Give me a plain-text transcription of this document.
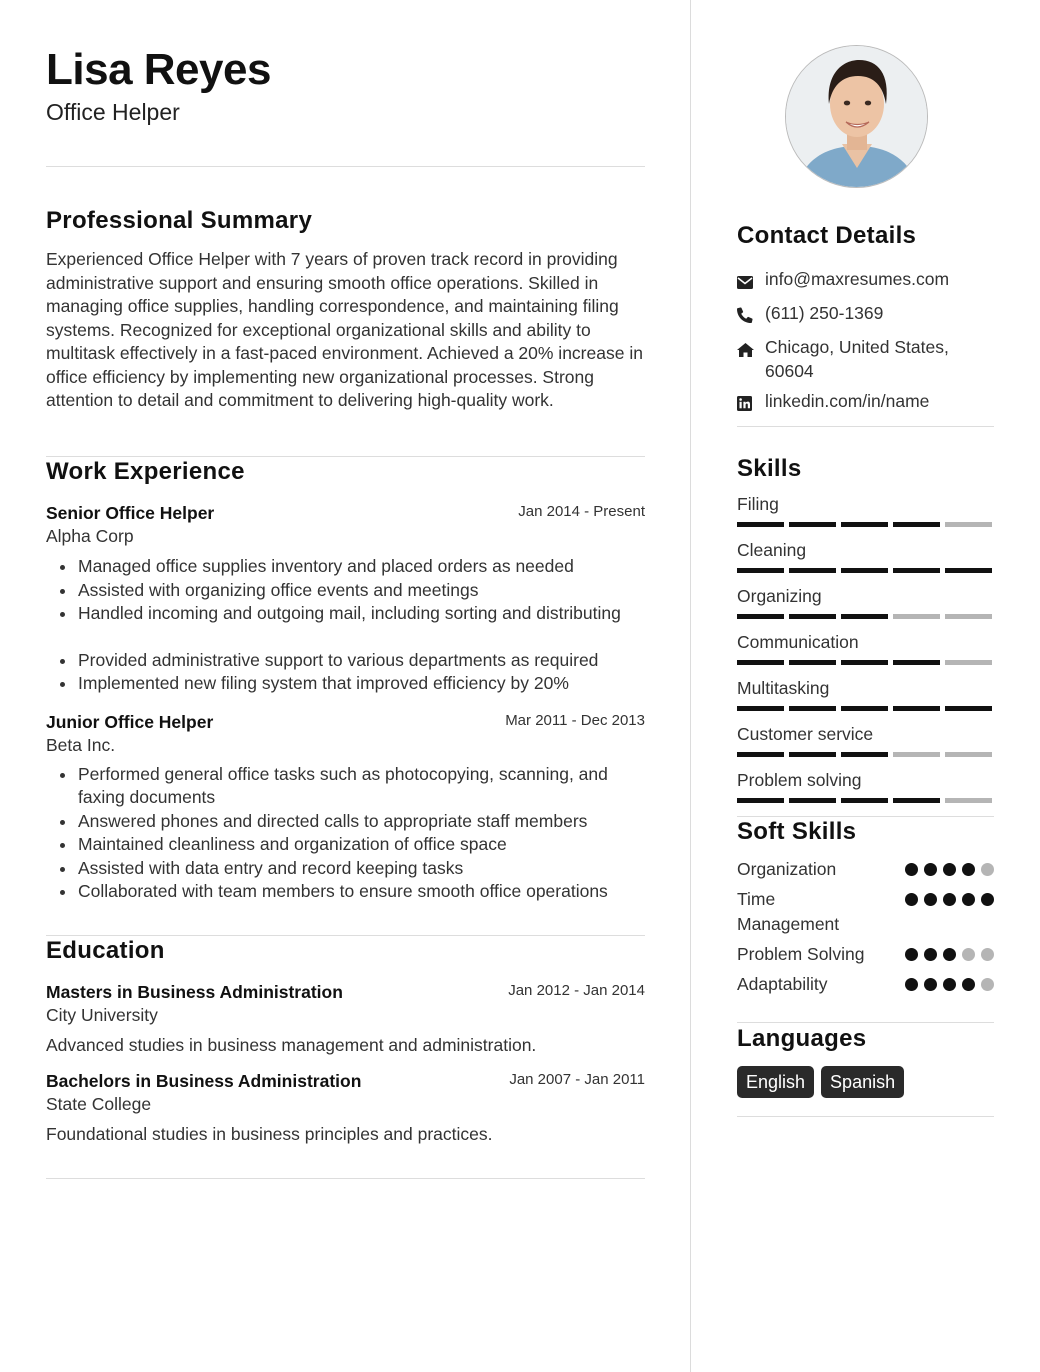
Lisa Reyes
Office Helper
Professional Summary
Experienced Office Helper with 7 years of proven track record in providing administrative support and ensuring smooth office operations. Skilled in managing office supplies, handling correspondence, and maintaining filing systems. Recognized for exceptional organizational skills and ability to multitask effectively in a fast-paced environment. Achieved a 20% increase in office efficiency by implementing new organizational processes. Strong attention to detail and commitment to delivering high-quality work.
Work Experience
Senior Office Helper	Jan 2014 - Present
Alpha Corp
Managed office supplies inventory and placed orders as needed
Assisted with organizing office events and meetings
Handled incoming and outgoing mail, including sorting and distributing
Provided administrative support to various departments as required
Implemented new filing system that improved efficiency by 20%
Junior Office Helper	Mar 2011 - Dec 2013
Beta Inc.
Performed general office tasks such as photocopying, scanning, and faxing documents
Answered phones and directed calls to appropriate staff members
Maintained cleanliness and organization of office space
Assisted with data entry and record keeping tasks
Collaborated with team members to ensure smooth office operations
Education
Masters in Business Administration	Jan 2012 - Jan 2014
City University
Advanced studies in business management and administration.
Bachelors in Business Administration	Jan 2007 - Jan 2011
State College
Foundational studies in business principles and practices.
Contact Details
info@maxresumes.com
(611) 250-1369
Chicago, United States, 60604
linkedin.com/in/name
Skills
Filing
Cleaning
Organizing
Communication
Multitasking
Customer service
Problem solving
Soft Skills
Organization
Time Management
Problem Solving
Adaptability
Languages
English	Spanish
